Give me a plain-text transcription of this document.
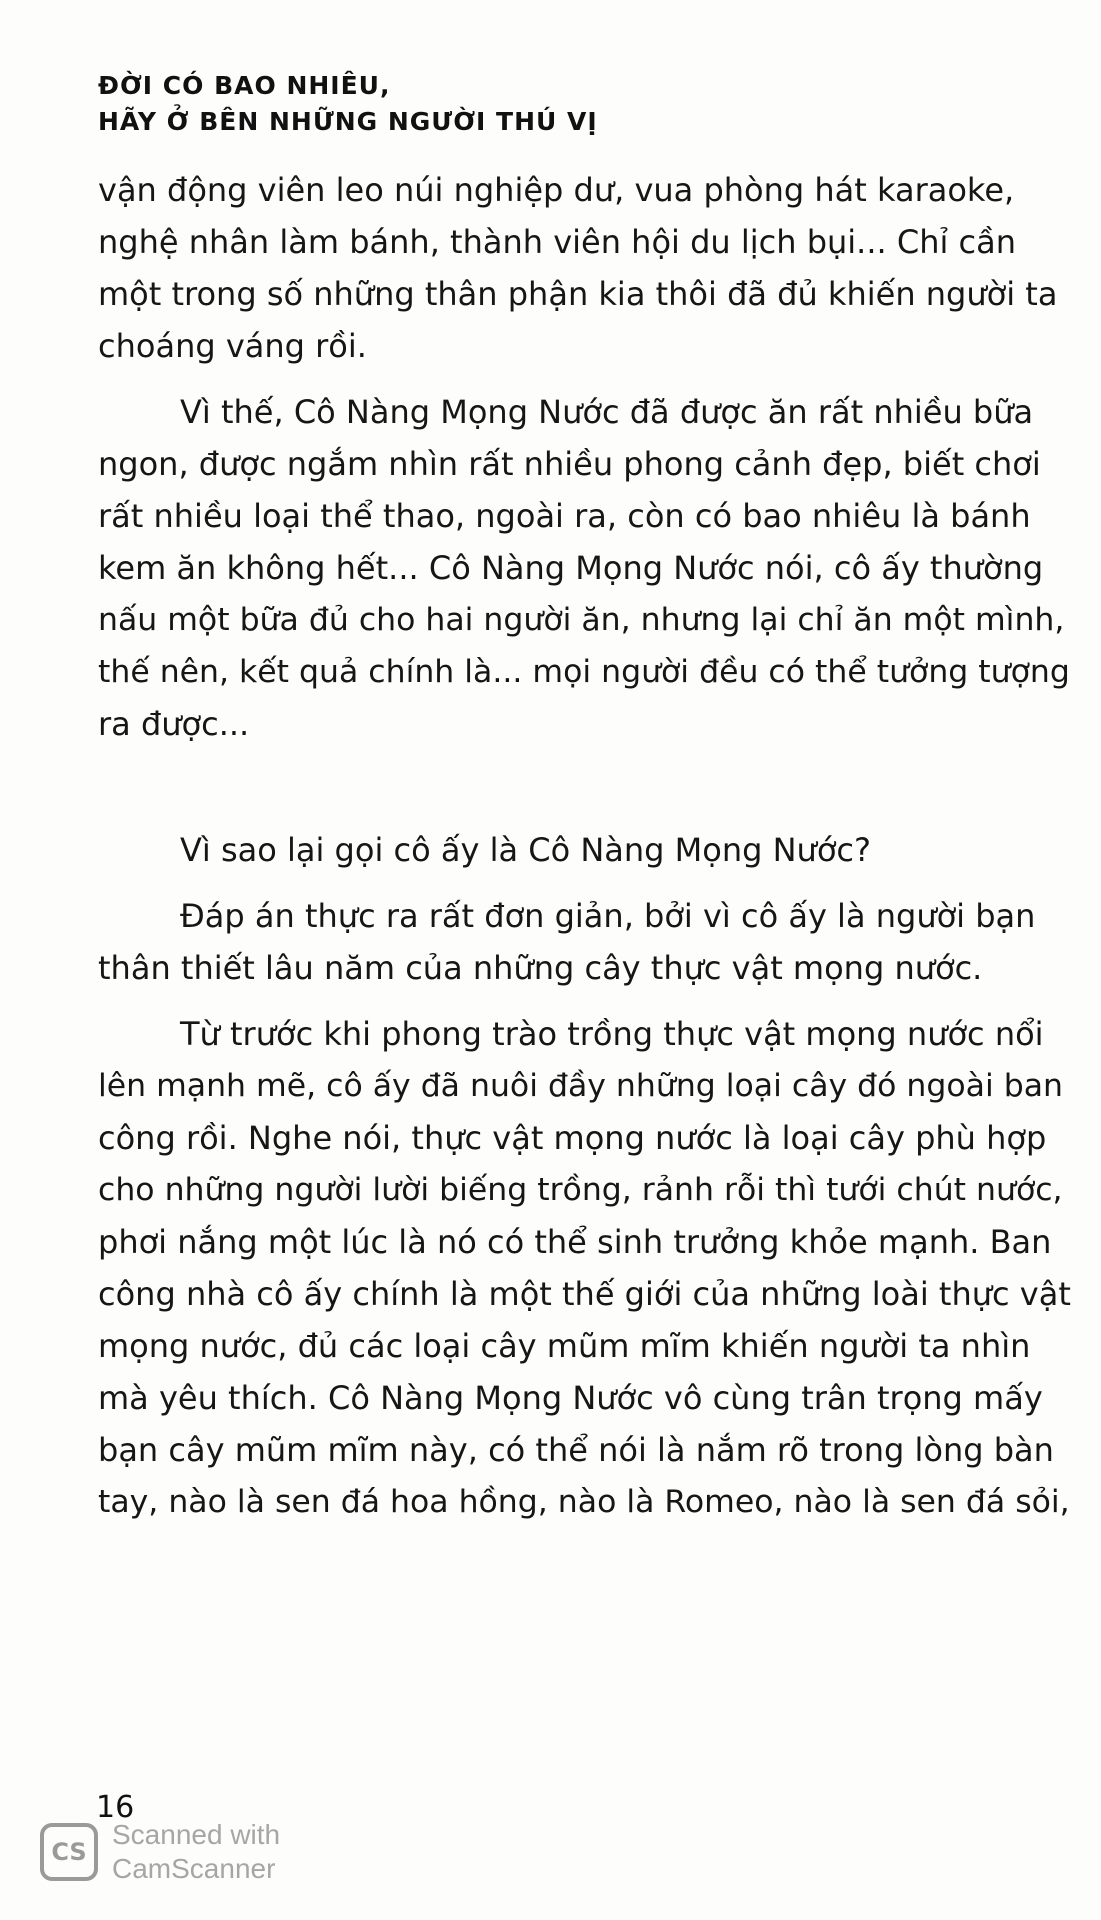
ĐỜI CÓ BAO NHIÊU,
HÃY Ở BÊN NHỮNG NGƯỜI THÚ VỊ
vận động viên leo núi nghiệp dư, vua phòng hát karaoke,
nghệ nhân làm bánh, thành viên hội du lịch bụi... Chỉ cần
một trong số những thân phận kia thôi đã đủ khiến người ta
choáng váng rồi.
Vì thế, Cô Nàng Mọng Nước đã được ăn rất nhiều bữa
ngon, được ngắm nhìn rất nhiều phong cảnh đẹp, biết chơi
rất nhiều loại thể thao, ngoài ra, còn có bao nhiêu là bánh
kem ăn không hết... Cô Nàng Mọng Nước nói, cô ấy thường
nấu một bữa đủ cho hai người ăn, nhưng lại chỉ ăn một mình,
thế nên, kết quả chính là... mọi người đều có thể tưởng tượng
ra được...
Vì sao lại gọi cô ấy là Cô Nàng Mọng Nước?
Đáp án thực ra rất đơn giản, bởi vì cô ấy là người bạn
thân thiết lâu năm của những cây thực vật mọng nước.
Từ trước khi phong trào trồng thực vật mọng nước nổi
lên mạnh mẽ, cô ấy đã nuôi đầy những loại cây đó ngoài ban
công rồi. Nghe nói, thực vật mọng nước là loại cây phù hợp
cho những người lười biếng trồng, rảnh rỗi thì tưới chút nước,
phơi nắng một lúc là nó có thể sinh trưởng khỏe mạnh. Ban
công nhà cô ấy chính là một thế giới của những loài thực vật
mọng nước, đủ các loại cây mũm mĩm khiến người ta nhìn
mà yêu thích. Cô Nàng Mọng Nước vô cùng trân trọng mấy
bạn cây mũm mĩm này, có thể nói là nắm rõ trong lòng bàn
tay, nào là sen đá hoa hồng, nào là Romeo, nào là sen đá sỏi,
16
CS
Scanned with
CamScanner
